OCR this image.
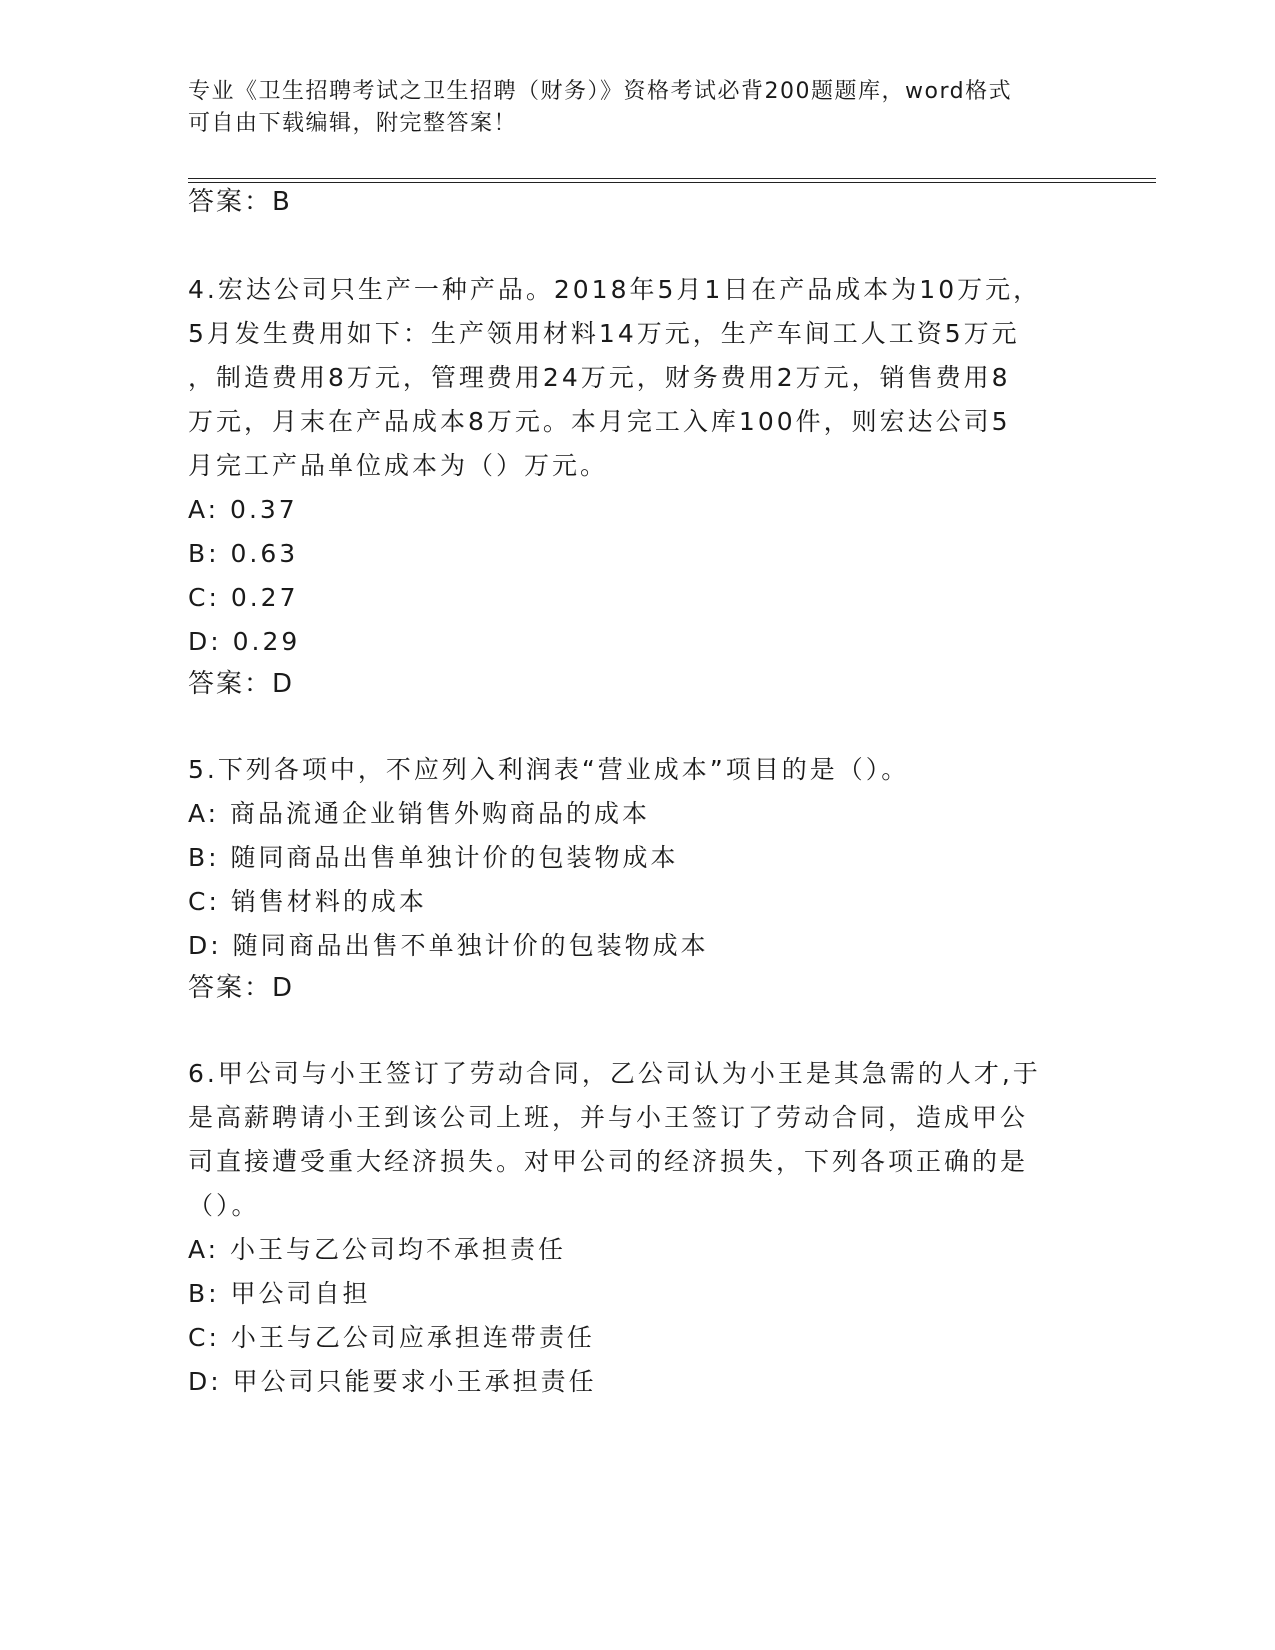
专业《卫生招聘考试之卫生招聘（财务）》资格考试必背200题题库，word格式
可自由下载编辑，附完整答案！
答案：B
4.宏达公司只生产一种产品。2018年5月1日在产品成本为10万元，
5月发生费用如下：生产领用材料14万元，生产车间工人工资5万元
，制造费用8万元，管理费用24万元，财务费用2万元，销售费用8
万元，月末在产品成本8万元。本月完工入库100件，则宏达公司5
月完工产品单位成本为（）万元。
A: 0.37
B: 0.63
C: 0.27
D: 0.29
答案：D
5.下列各项中，不应列入利润表“营业成本”项目的是（）。
A: 商品流通企业销售外购商品的成本
B: 随同商品出售单独计价的包装物成本
C: 销售材料的成本
D: 随同商品出售不单独计价的包装物成本
答案：D
6.甲公司与小王签订了劳动合同，乙公司认为小王是其急需的人才,于
是高薪聘请小王到该公司上班，并与小王签订了劳动合同，造成甲公
司直接遭受重大经济损失。对甲公司的经济损失，下列各项正确的是
（）。
A: 小王与乙公司均不承担责任
B: 甲公司自担
C: 小王与乙公司应承担连带责任
D: 甲公司只能要求小王承担责任
